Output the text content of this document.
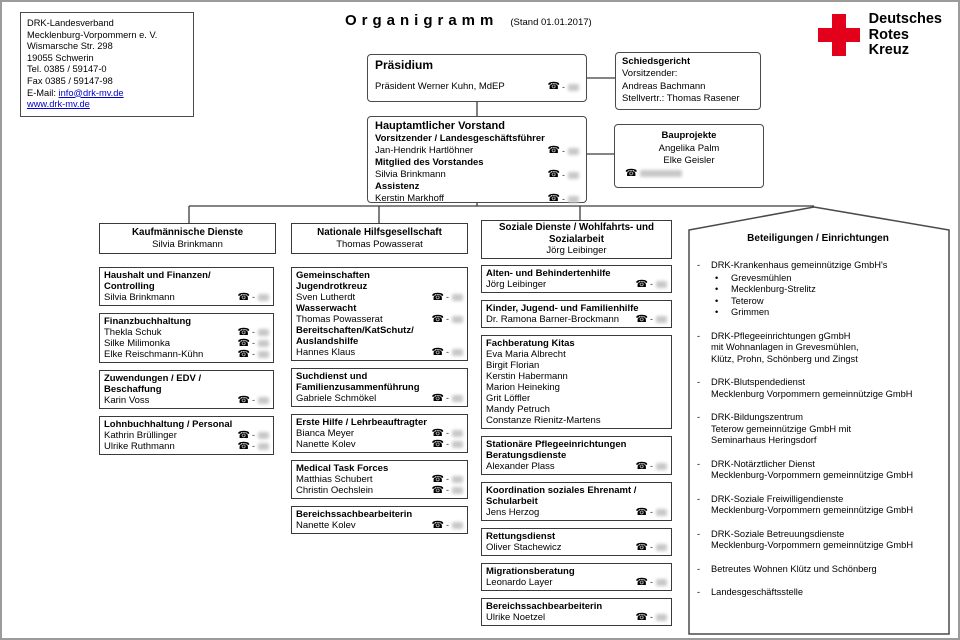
DRK-Landesverband
Mecklenburg-Vorpommern e. V.
Wismarsche Str. 298
19055 Schwerin
Tel. 0385 / 59147-0
Fax 0385 / 59147-98
E-Mail: info@drk-mv.de
www.drk-mv.de
Organigramm (Stand 01.01.2017)	Deutsches
Rotes
Kreuz
Präsidium
Präsident Werner Kuhn, MdEP	☎ -
Schiedsgericht
Vorsitzender:
Andreas Bachmann
Stellvertr.: Thomas Rasener
Hauptamtlicher Vorstand
Vorsitzender / Landesgeschäftsführer
Jan-Hendrik Hartlöhner	☎ -
Mitglied des Vorstandes
Silvia Brinkmann	☎ -
Assistenz
Kerstin Markhoff	☎ -
Bauprojekte
Angelika Palm
Elke Geisler
☎
Kaufmännische Dienste
Silvia Brinkmann
Nationale Hilfsgesellschaft
Thomas Powasserat
Soziale Dienste / Wohlfahrts- und Sozialarbeit
Jörg Leibinger
Haushalt und Finanzen/
Controlling
Silvia Brinkmann	☎ -
Finanzbuchhaltung
Thekla Schuk	☎ -
Silke Milimonka	☎ -
Elke Reischmann-Kühn	☎ -
Zuwendungen / EDV /
Beschaffung
Karin Voss	☎ -
Lohnbuchhaltung / Personal
Kathrin Brüllinger	☎ -
Ulrike Ruthmann	☎ -
Gemeinschaften
Jugendrotkreuz
Sven Lutherdt	☎ -
Wasserwacht
Thomas Powasserat	☎ -
Bereitschaften/KatSchutz/
Auslandshilfe
Hannes Klaus	☎ -
Suchdienst und
Familienzusammenführung
Gabriele Schmökel	☎ -
Erste Hilfe / Lehrbeauftragter
Bianca Meyer	☎ -
Nanette Kolev	☎ -
Medical Task Forces
Matthias Schubert	☎ -
Christin Oechslein	☎ -
Bereichssachbearbeiterin
Nanette Kolev	☎ -
Alten- und Behindertenhilfe
Jörg Leibinger	☎ -
Kinder, Jugend- und Familienhilfe
Dr. Ramona Barner-Brockmann	☎ -
Fachberatung Kitas
Eva Maria Albrecht
Birgit Florian
Kerstin Habermann
Marion Heineking
Grit Löffler
Mandy Petruch
Constanze Rienitz-Martens
Stationäre Pflegeeinrichtungen
Beratungsdienste
Alexander Plass	☎ -
Koordination soziales Ehrenamt /
Schularbeit
Jens Herzog	☎ -
Rettungsdienst
Oliver Stachewicz	☎ -
Migrationsberatung
Leonardo Layer	☎ -
Bereichssachbearbeiterin
Ulrike Noetzel	☎ -
Beteiligungen / Einrichtungen
-	DRK-Krankenhaus gemeinnützige GmbH's
•	Grevesmühlen
•	Mecklenburg-Strelitz
•	Teterow
•	Grimmen
-	DRK-Pflegeeinrichtungen gGmbH
mit Wohnanlagen in Grevesmühlen,
Klütz, Prohn, Schönberg und Zingst
-	DRK-Blutspendedienst
Mecklenburg Vorpommern gemeinnützige GmbH
-	DRK-Bildungszentrum
Teterow gemeinnützige GmbH mit
Seminarhaus Heringsdorf
-	DRK-Notärztlicher Dienst
Mecklenburg-Vorpommern gemeinnützige GmbH
-	DRK-Soziale Freiwilligendienste
Mecklenburg-Vorpommern gemeinnützige GmbH
-	DRK-Soziale Betreuungsdienste
Mecklenburg-Vorpommern gemeinnützige GmbH
-	Betreutes Wohnen Klütz und Schönberg
-	Landesgeschäftsstelle
